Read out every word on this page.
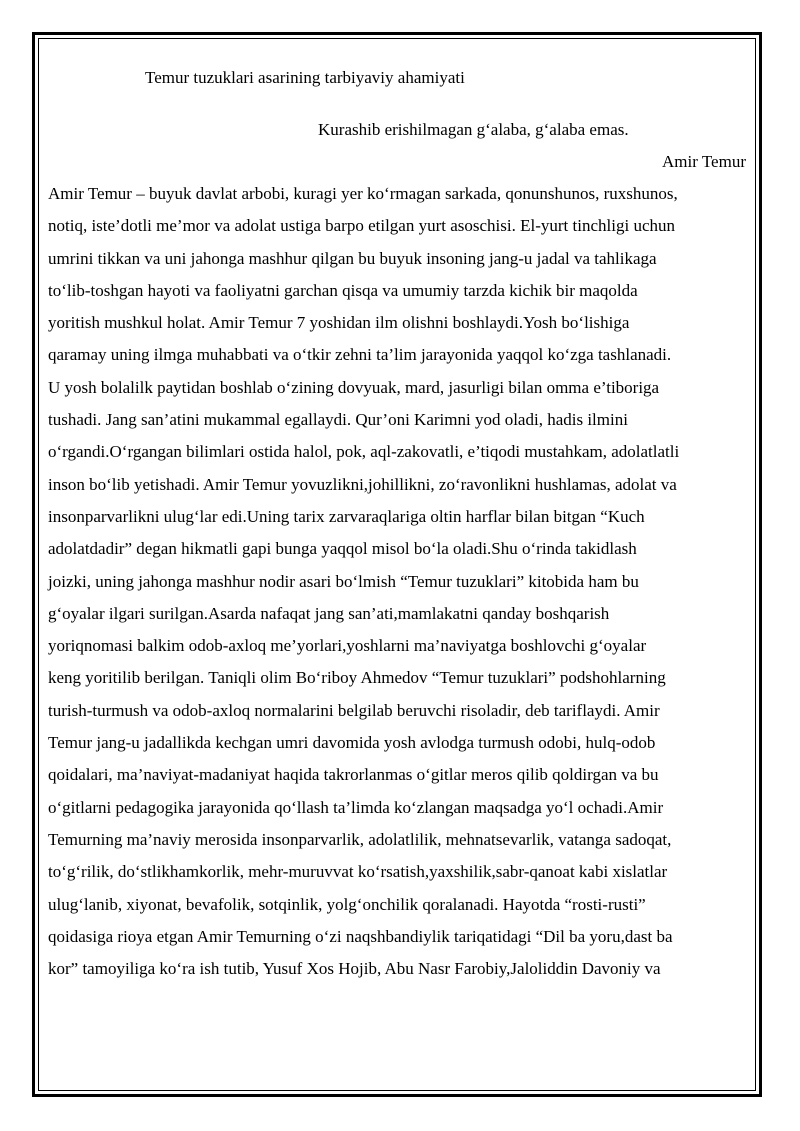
Temur tuzuklari asarining tarbiyaviy ahamiyati

Kurashib erishilmagan g‘alaba, g‘alaba emas.

Amir Temur

Amir Temur – buyuk davlat arbobi, kuragi yer ko‘rmagan sarkada, qonunshunos, ruxshunos,
notiq, iste’dotli me’mor va adolat ustiga barpo etilgan yurt asoschisi. El-yurt tinchligi uchun
umrini tikkan va uni jahonga mashhur qilgan bu buyuk insoning jang-u jadal va tahlikaga
to‘lib-toshgan hayoti va faoliyatni garchan qisqa va umumiy tarzda kichik bir maqolda
yoritish mushkul holat. Amir Temur 7 yoshidan ilm olishni boshlaydi.Yosh bo‘lishiga
qaramay uning ilmga muhabbati va o‘tkir zehni ta’lim jarayonida yaqqol ko‘zga tashlanadi.
U yosh bolalilk paytidan boshlab o‘zining dovyuak, mard, jasurligi bilan omma e’tiboriga
tushadi. Jang san’atini mukammal egallaydi. Qur’oni Karimni yod oladi, hadis ilmini
o‘rgandi.O‘rgangan bilimlari ostida halol, pok, aql-zakovatli, e’tiqodi mustahkam, adolatlatli
inson bo‘lib yetishadi. Amir Temur yovuzlikni,johillikni, zo‘ravonlikni hushlamas, adolat va
insonparvarlikni ulug‘lar edi.Uning tarix zarvaraqlariga oltin harflar bilan bitgan “Kuch
adolatdadir” degan hikmatli gapi bunga yaqqol misol bo‘la oladi.Shu o‘rinda takidlash
joizki, uning jahonga mashhur nodir asari bo‘lmish “Temur tuzuklari” kitobida ham bu
g‘oyalar ilgari surilgan.Asarda nafaqat jang san’ati,mamlakatni qanday boshqarish
yoriqnomasi balkim odob-axloq me’yorlari,yoshlarni ma’naviyatga boshlovchi g‘oyalar
keng yoritilib berilgan. Taniqli olim Bo‘riboy Ahmedov “Temur tuzuklari” podshohlarning
turish-turmush va odob-axloq normalarini belgilab beruvchi risoladir, deb tariflaydi. Amir
Temur jang-u jadallikda kechgan umri davomida yosh avlodga turmush odobi, hulq-odob
qoidalari, ma’naviyat-madaniyat haqida takrorlanmas o‘gitlar meros qilib qoldirgan va bu
o‘gitlarni pedagogika jarayonida qo‘llash ta’limda ko‘zlangan maqsadga yo‘l ochadi.Amir
Temurning ma’naviy merosida insonparvarlik, adolatlilik, mehnatsevarlik, vatanga sadoqat,
to‘g‘rilik, do‘stlikhamkorlik, mehr-muruvvat ko‘rsatish,yaxshilik,sabr-qanoat kabi xislatlar
ulug‘lanib, xiyonat, bevafolik, sotqinlik, yolg‘onchilik qoralanadi. Hayotda “rosti-rusti”
qoidasiga rioya etgan Amir Temurning o‘zi naqshbandiylik tariqatidagi “Dil ba yoru,dast ba
kor” tamoyiliga ko‘ra ish tutib, Yusuf Xos Hojib, Abu Nasr Farobiy,Jaloliddin Davoniy va
